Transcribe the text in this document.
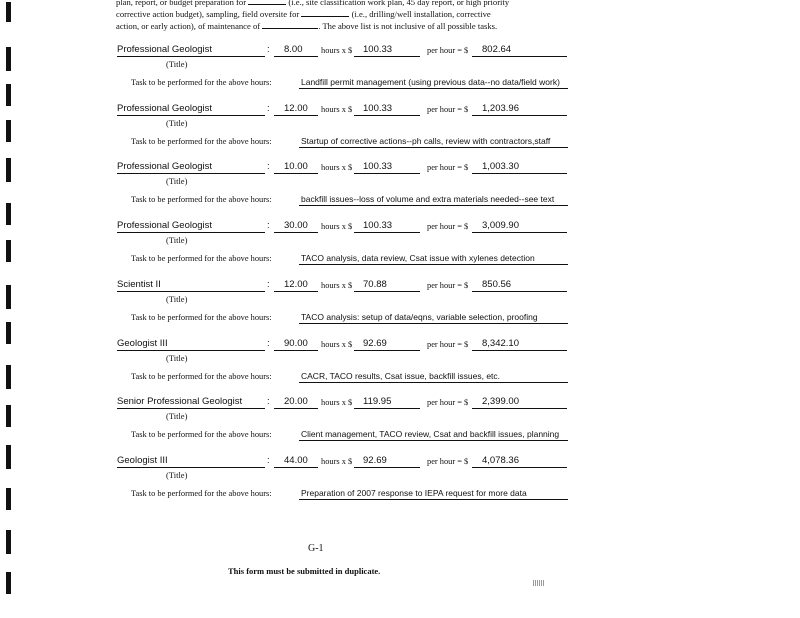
plan, report, or budget preparation for	(i.e., site classification work plan, 45 day report, or high priority
corrective action budget), sampling, field oversite for	(i.e., drilling/well installation, corrective
action, or early action), of maintenance of	. The above list is not inclusive of all possible tasks.
Professional Geologist	: 8.00 hours x $ 100.33	per hour = $ 802.64
(Title)
Task to be performed for the above hours:	Landfill permit management (using previous data--no data/field work)
Professional Geologist	: 12.00 hours x $ 100.33	per hour = $ 1,203.96
(Title)
Task to be performed for the above hours:	Startup of corrective actions--ph calls, review with contractors,staff
Professional Geologist	: 10.00 hours x $ 100.33	per hour = $ 1,003.30
(Title)
Task to be performed for the above hours:	backfill issues--loss of volume and extra materials needed--see text
Professional Geologist	: 30.00 hours x $ 100.33	per hour = $ 3,009.90
(Title)
Task to be performed for the above hours:	TACO analysis, data review, Csat issue with xylenes detection
Scientist II	: 12.00 hours x $ 70.88	per hour = $ 850.56
(Title)
Task to be performed for the above hours:	TACO analysis: setup of data/eqns, variable selection, proofing
Geologist III	: 90.00 hours x $ 92.69	per hour = $ 8,342.10
(Title)
Task to be performed for the above hours:	CACR, TACO results, Csat issue, backfill issues, etc.
Senior Professional Geologist	: 20.00 hours x $ 119.95	per hour = $ 2,399.00
(Title)
Task to be performed for the above hours:	Client management, TACO review, Csat and backfill issues, planning
Geologist III	: 44.00 hours x $ 92.69	per hour = $ 4,078.36
(Title)
Task to be performed for the above hours:	Preparation of 2007 response to IEPA request for more data
G-1
This form must be submitted in duplicate.
